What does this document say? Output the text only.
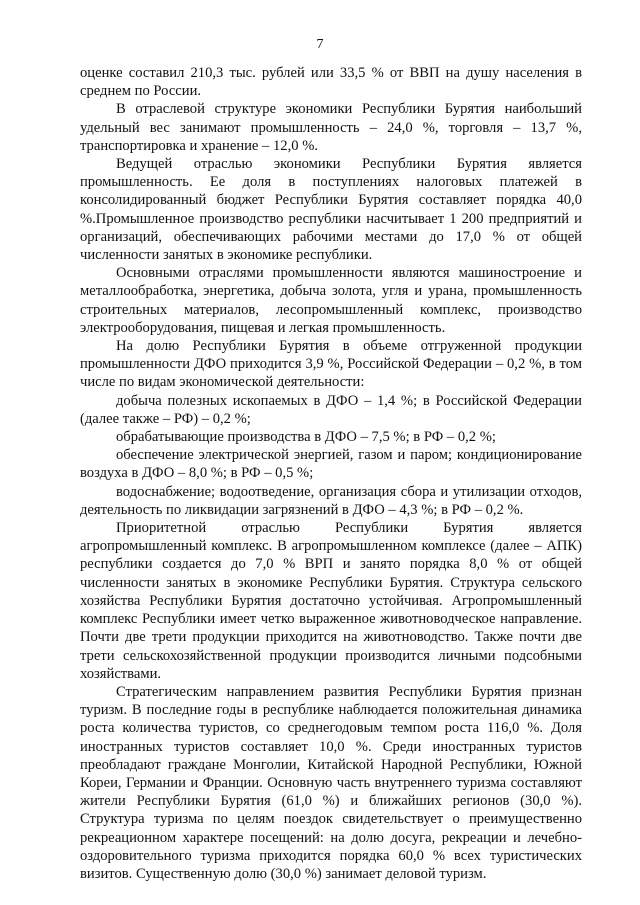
7

оценке составил 210,3 тыс. рублей или 33,5 % от ВВП на душу населения в среднем по России.

В отраслевой структуре экономики Республики Бурятия наибольший удельный вес занимают промышленность – 24,0 %, торговля – 13,7 %, транспортировка и хранение – 12,0 %.

Ведущей отраслью экономики Республики Бурятия является промышленность. Ее доля в поступлениях налоговых платежей в консолидированный бюджет Республики Бурятия составляет порядка 40,0 %.Промышленное производство республики насчитывает 1 200 предприятий и организаций, обеспечивающих рабочими местами до 17,0 % от общей численности занятых в экономике республики.

Основными отраслями промышленности являются машиностроение и металлообработка, энергетика, добыча золота, угля и урана, промышленность строительных материалов, лесопромышленный комплекс, производство электрооборудования, пищевая и легкая промышленность.

На долю Республики Бурятия в объеме отгруженной продукции промышленности ДФО приходится 3,9 %, Российской Федерации – 0,2 %, в том числе по видам экономической деятельности:

добыча полезных ископаемых в ДФО – 1,4 %; в Российской Федерации (далее также – РФ) – 0,2 %;

обрабатывающие производства в ДФО – 7,5 %; в РФ – 0,2 %;

обеспечение электрической энергией, газом и паром; кондиционирование воздуха в ДФО – 8,0 %; в РФ – 0,5 %;

водоснабжение; водоотведение, организация сбора и утилизации отходов, деятельность по ликвидации загрязнений в ДФО – 4,3 %; в РФ – 0,2 %.

Приоритетной отраслью Республики Бурятия является агропромышленный комплекс. В агропромышленном комплексе (далее – АПК) республики создается до 7,0 % ВРП и занято порядка 8,0 % от общей численности занятых в экономике Республики Бурятия. Структура сельского хозяйства Республики Бурятия достаточно устойчивая. Агропромышленный комплекс Республики имеет четко выраженное животноводческое направление. Почти две трети продукции приходится на животноводство. Также почти две трети сельскохозяйственной продукции производится личными подсобными хозяйствами.

Стратегическим направлением развития Республики Бурятия признан туризм. В последние годы в республике наблюдается положительная динамика роста количества туристов, со среднегодовым темпом роста 116,0 %. Доля иностранных туристов составляет 10,0 %. Среди иностранных туристов преобладают граждане Монголии, Китайской Народной Республики, Южной Кореи, Германии и Франции. Основную часть внутреннего туризма составляют жители Республики Бурятия (61,0 %) и ближайших регионов (30,0 %). Структура туризма по целям поездок свидетельствует о преимущественно рекреационном характере посещений: на долю досуга, рекреации и лечебно-оздоровительного туризма приходится порядка 60,0 % всех туристических визитов. Существенную долю (30,0 %) занимает деловой туризм.
